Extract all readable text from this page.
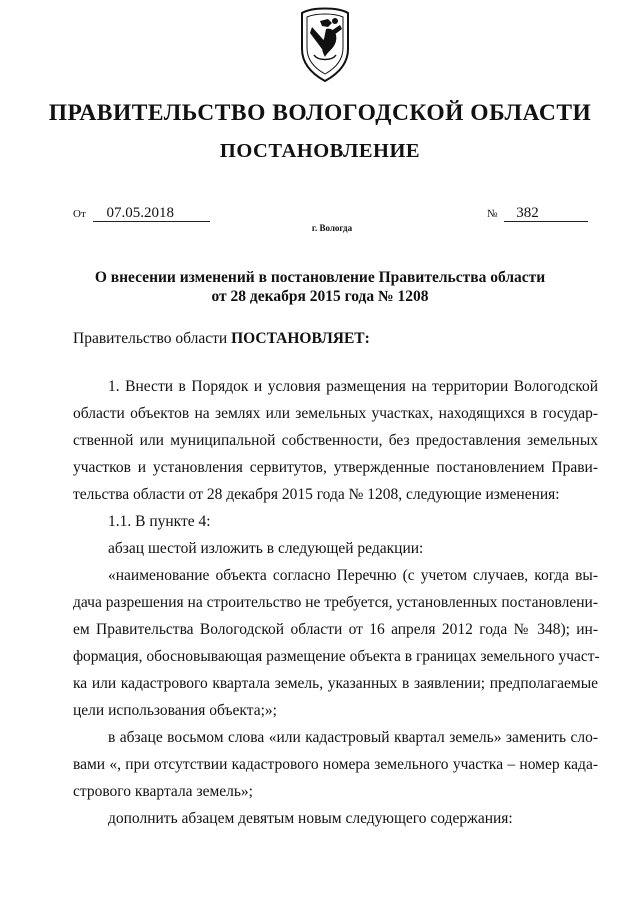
ПРАВИТЕЛЬСТВО ВОЛОГОДСКОЙ ОБЛАСТИ
ПОСТАНОВЛЕНИЕ
От 07.05.2018	№ 382
г. Вологда
О внесении изменений в постановление Правительства области
от 28 декабря 2015 года № 1208
Правительство области ПОСТАНОВЛЯЕТ:
1. Внести в Порядок и условия размещения на территории Вологодской
области объектов на землях или земельных участках, находящихся в государ-
ственной или муниципальной собственности, без предоставления земельных
участков и установления сервитутов, утвержденные постановлением Прави-
тельства области от 28 декабря 2015 года № 1208, следующие изменения:
1.1. В пункте 4:
абзац шестой изложить в следующей редакции:
«наименование объекта согласно Перечню (с учетом случаев, когда вы-
дача разрешения на строительство не требуется, установленных постановлени-
ем Правительства Вологодской области от 16 апреля 2012 года № 348); ин-
формация, обосновывающая размещение объекта в границах земельного участ-
ка или кадастрового квартала земель, указанных в заявлении; предполагаемые
цели использования объекта;»;
в абзаце восьмом слова «или кадастровый квартал земель» заменить сло-
вами «, при отсутствии кадастрового номера земельного участка – номер када-
стрового квартала земель»;
дополнить абзацем девятым новым следующего содержания:
